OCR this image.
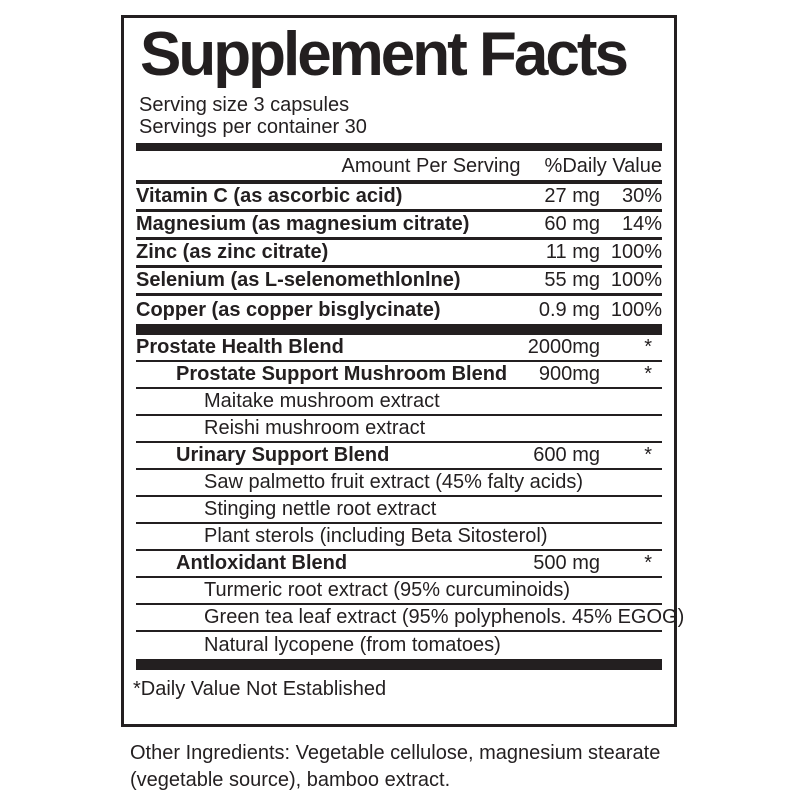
Supplement Facts
Serving size 3 capsules
Servings per container 30
Amount Per Serving %Daily Value
Vitamin C (as ascorbic acid)	27 mg	30%
Magnesium (as magnesium citrate)	60 mg	14%
Zinc (as zinc citrate)	11 mg 100%
Selenium (as L-selenomethlonlne)	55 mg 100%
Copper (as copper bisglycinate)	0.9 mg 100%
Prostate Health Blend	2000mg	*
Prostate Support Mushroom Blend	900mg	*
Maitake mushroom extract
Reishi mushroom extract
Urinary Support Blend	600 mg	*
Saw palmetto fruit extract (45% falty acids)
Stinging nettle root extract
Plant sterols (including Beta Sitosterol)
Antloxidant Blend	500 mg	*
Turmeric root extract (95% curcuminoids)
Green tea leaf extract (95% polyphenols. 45% EGOG)
Natural lycopene (from tomatoes)
*Daily Value Not Established
Other Ingredients: Vegetable cellulose, magnesium stearate (vegetable source), bamboo extract.
